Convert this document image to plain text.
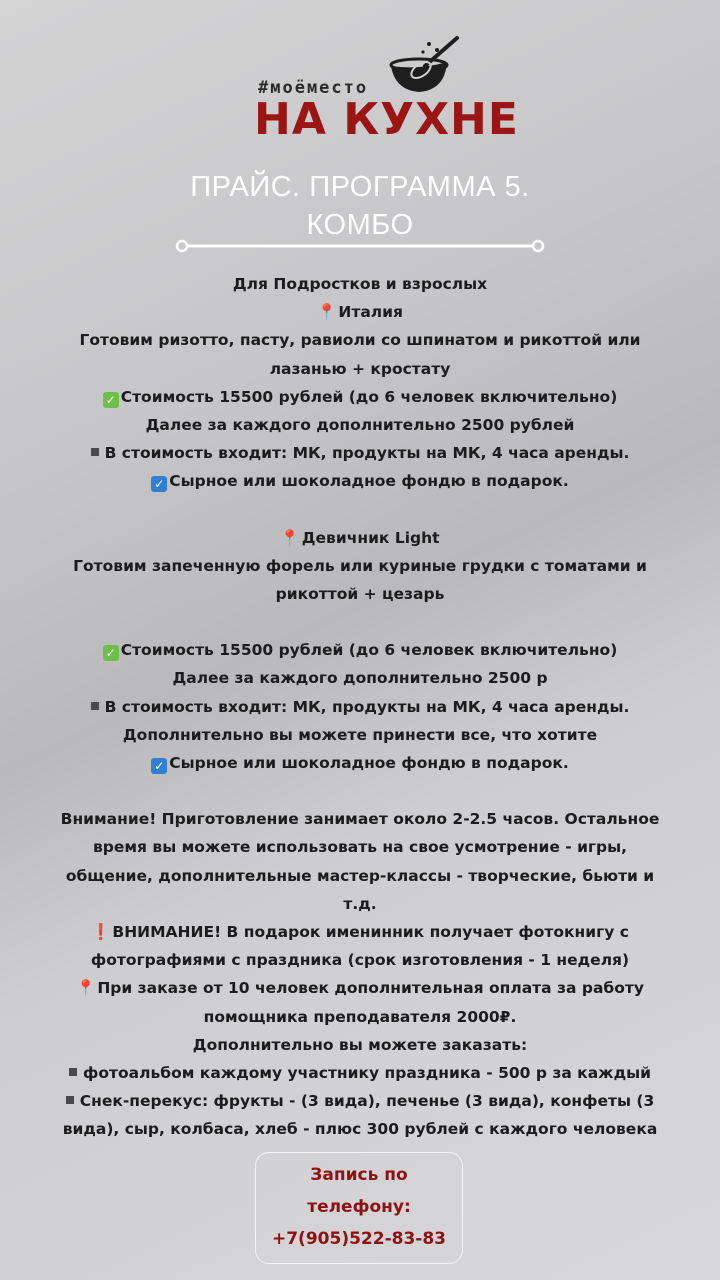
#моёместо
НА КУХНЕ
ПРАЙС. ПРОГРАММА 5.
КОМБО

Для Подростков и взрослых

📍 Италия

Готовим ризотто, пасту, равиоли со шпинатом и рикоттой или

лазанью + кростату

✓ Стоимость 15500 рублей (до 6 человек включительно)

Далее за каждого дополнительно 2500 рублей

В стоимость входит: МК, продукты на МК, 4 часа аренды.

✓ Сырное или шоколадное фондю в подарок.

📍 Девичник Light

Готовим запеченную форель или куриные грудки с томатами и

рикоттой + цезарь

✓ Стоимость 15500 рублей (до 6 человек включительно)

Далее за каждого дополнительно 2500 р

В стоимость входит: МК, продукты на МК, 4 часа аренды.

Дополнительно вы можете принести все, что хотите

✓ Сырное или шоколадное фондю в подарок.

Внимание! Приготовление занимает около 2-2.5 часов. Остальное

время вы можете использовать на свое усмотрение - игры,

общение, дополнительные мастер-классы - творческие, бьюти и

т.д.

❗ ВНИМАНИЕ! В подарок именинник получает фотокнигу с

фотографиями с праздника (срок изготовления - 1 неделя)

📍 При заказе от 10 человек дополнительная оплата за работу

помощника преподавателя 2000₽.

Дополнительно вы можете заказать:

фотоальбом каждому участнику праздника - 500 р за каждый

Снек-перекус: фрукты - (3 вида), печенье (3 вида), конфеты (3

вида), сыр, колбаса, хлеб - плюс 300 рублей с каждого человека

Запись по
телефону:
+7(905)522-83-83
